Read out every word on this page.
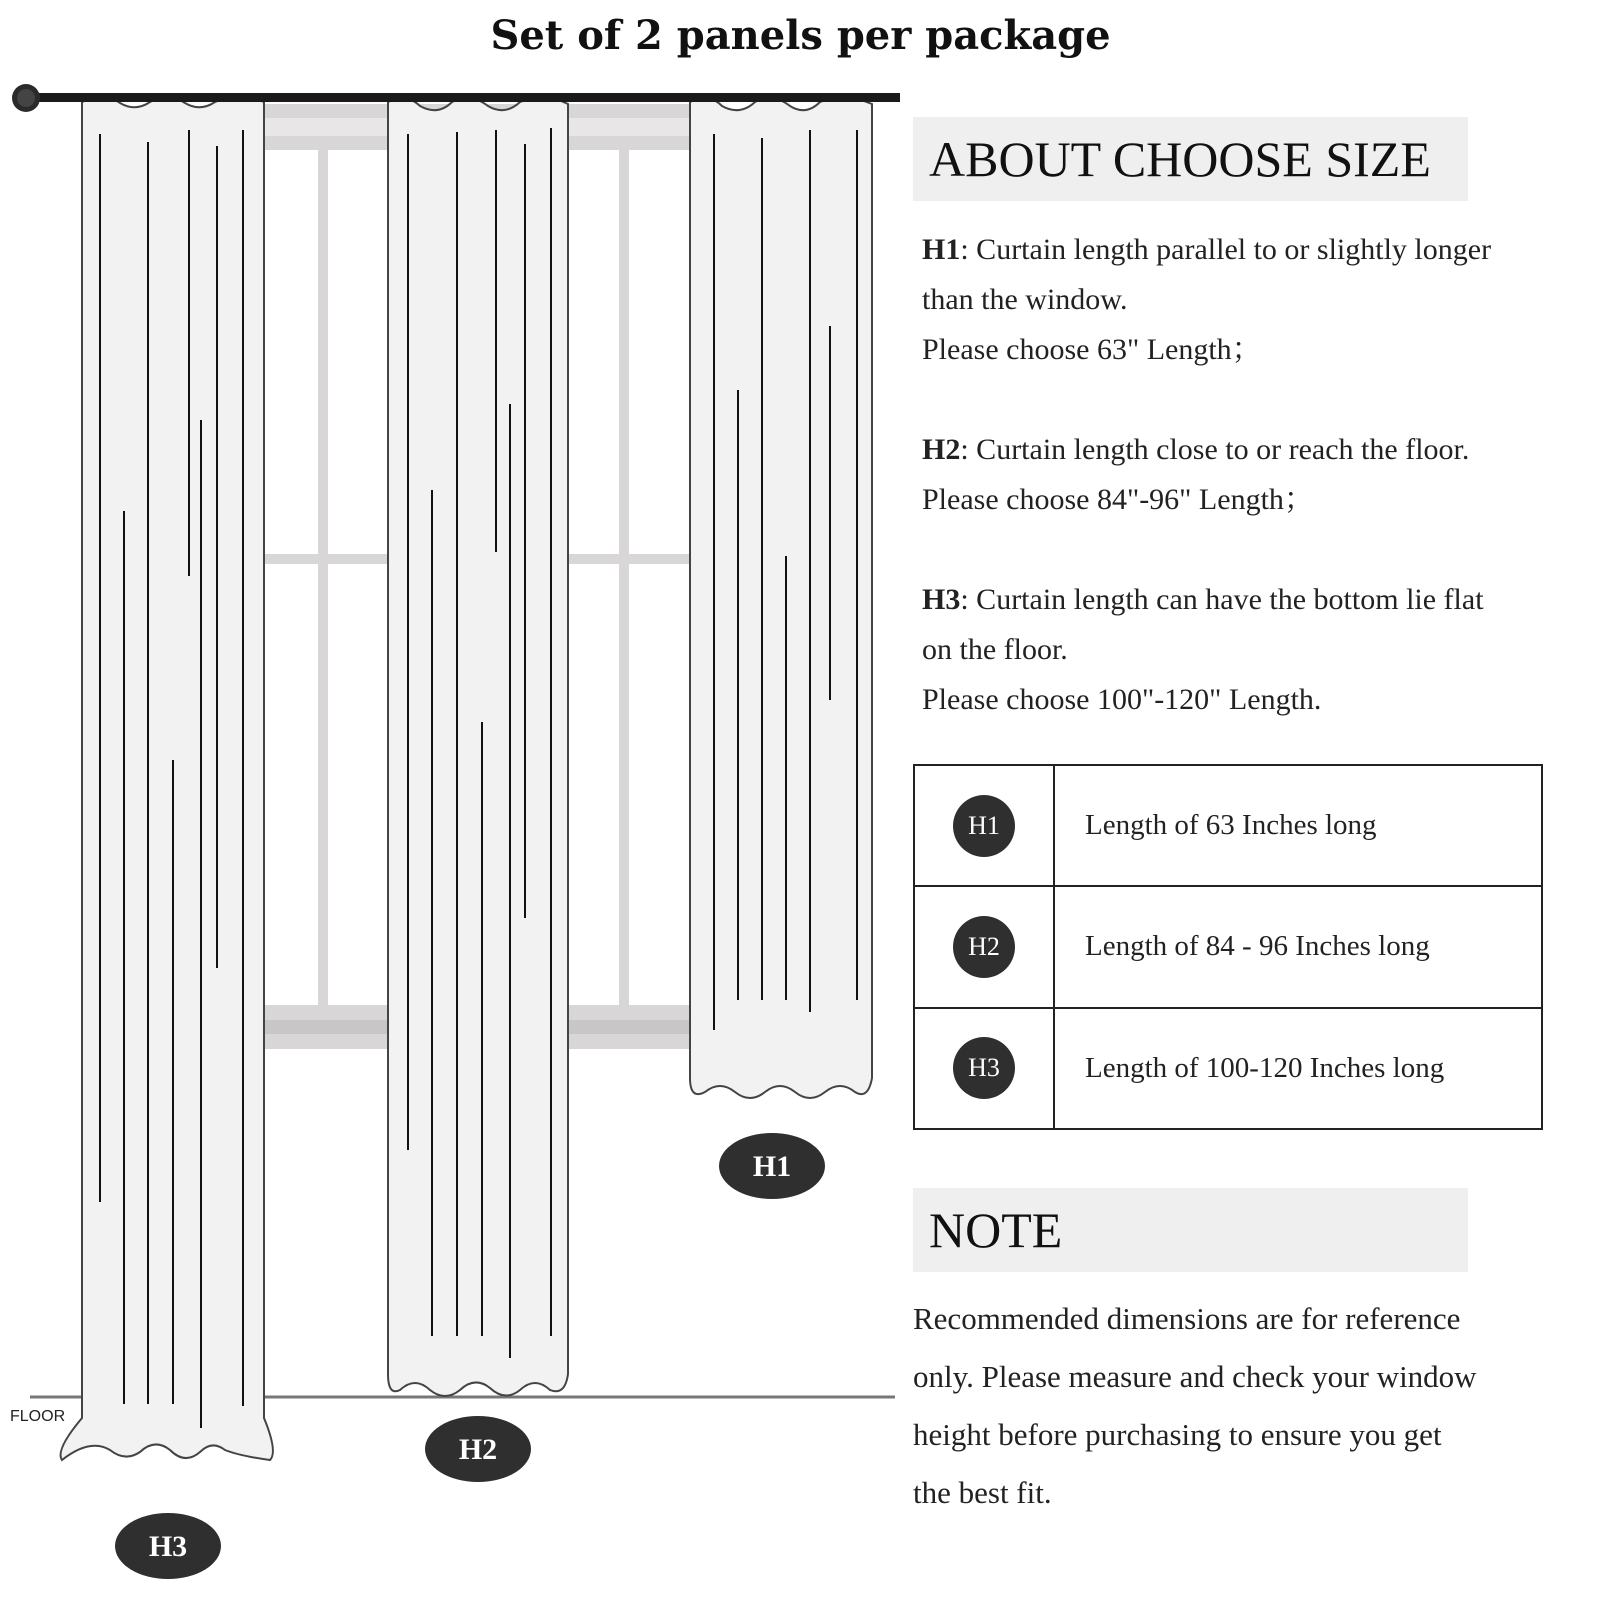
Set of 2 panels per package
FLOOR
H1
H2
H3
ABOUT CHOOSE SIZE
H1: Curtain length parallel to or slightly longer
than the window.
Please choose 63" Length；
H2: Curtain length close to or reach the floor.
Please choose 84"-96" Length；
H3: Curtain length can have the bottom lie flat
on the floor.
Please choose 100"-120" Length.
H1	Length of 63 Inches long
H2	Length of 84 - 96 Inches long
H3	Length of 100-120 Inches long
NOTE
Recommended dimensions are for reference
only. Please measure and check your window
height before purchasing to ensure you get
the best fit.
